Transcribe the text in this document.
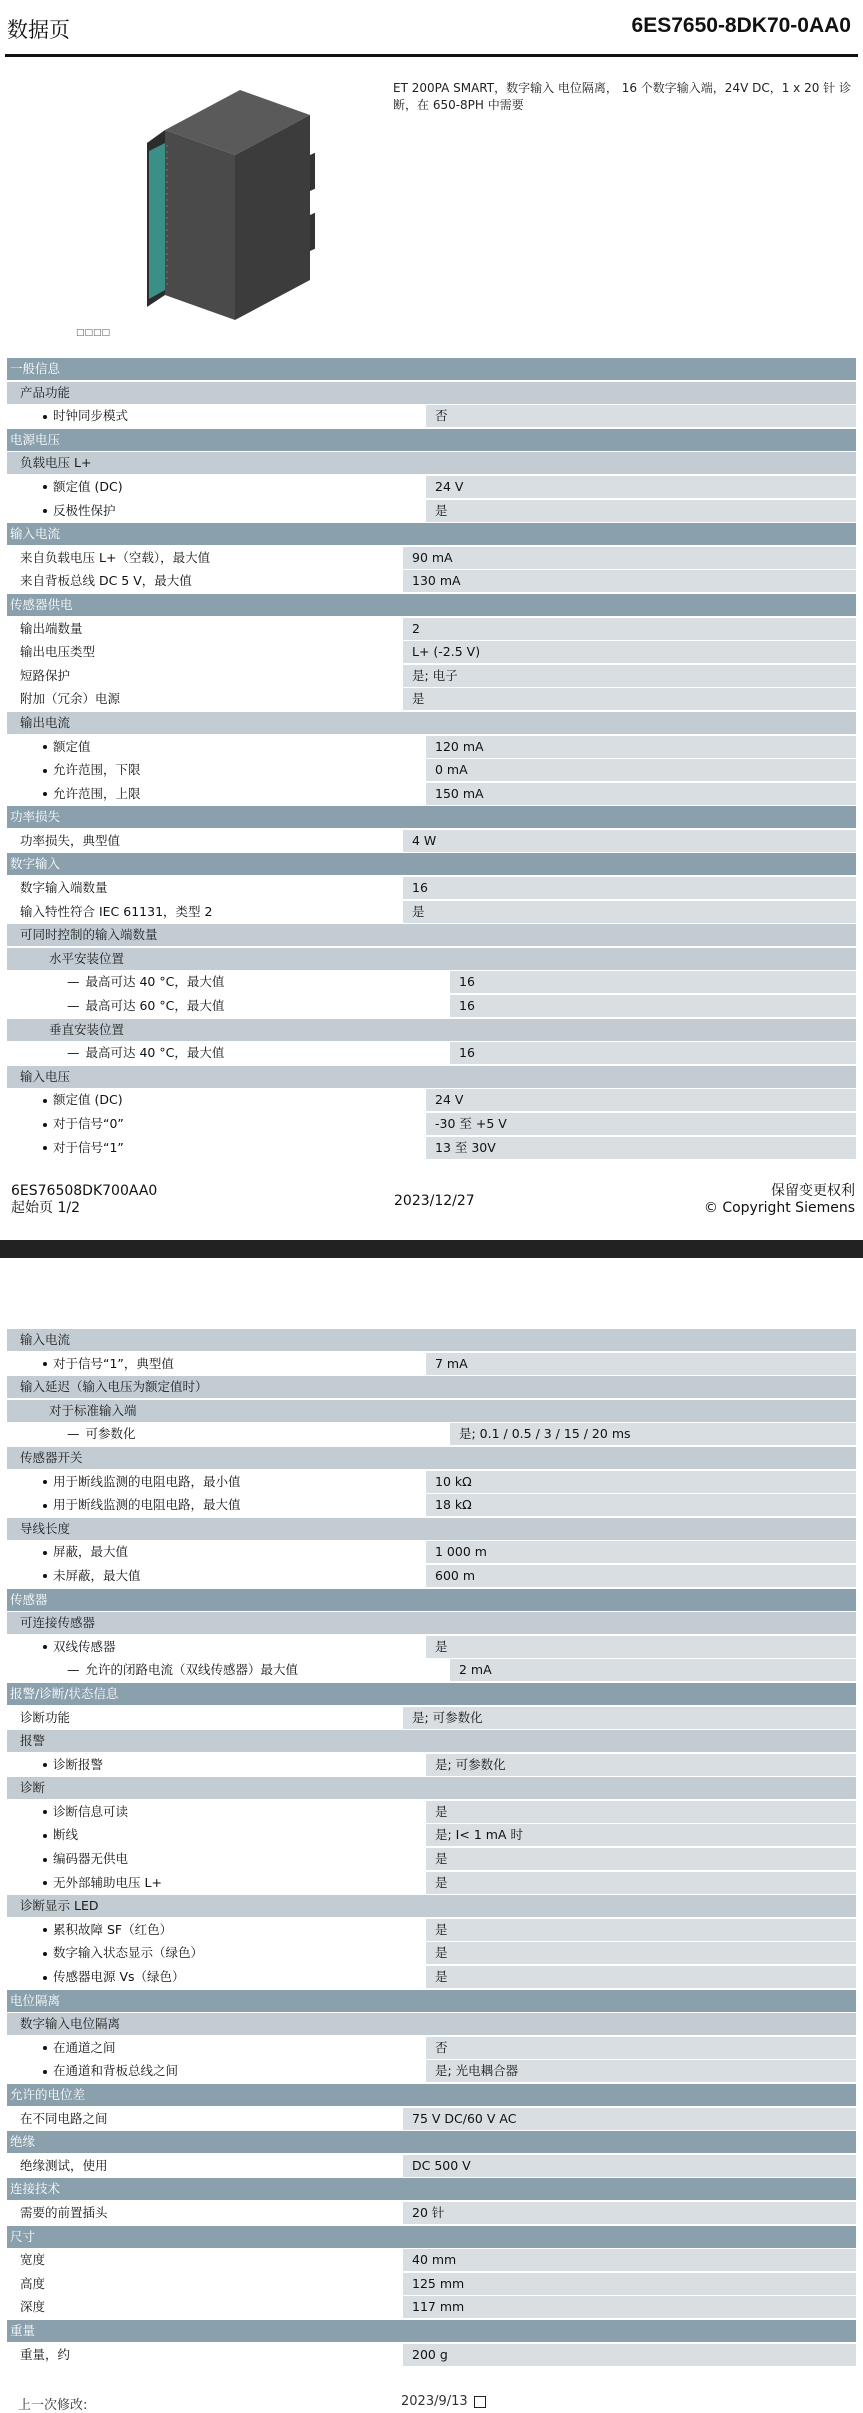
数据页	6ES7650-8DK70-0AA0
□□□□
ET 200PA SMART，数字输入 电位隔离， 16 个数字输入端，24V DC，1 x 20 针 诊断，在 650-8PH 中需要
一般信息
产品功能
时钟同步模式	否
电源电压
负载电压 L+
额定值 (DC)	24 V
反极性保护	是
输入电流
来自负载电压 L+（空载），最大值	90 mA
来自背板总线 DC 5 V，最大值	130 mA
传感器供电
输出端数量	2
输出电压类型	L+ (-2.5 V)
短路保护	是; 电子
附加（冗余）电源	是
输出电流
额定值	120 mA
允许范围，下限	0 mA
允许范围，上限	150 mA
功率损失
功率损失，典型值	4 W
数字输入
数字输入端数量	16
输入特性符合 IEC 61131，类型 2	是
可同时控制的输入端数量
水平安装位置
— 最高可达 40 °C，最大值	16
— 最高可达 60 °C，最大值	16
垂直安装位置
— 最高可达 40 °C，最大值	16
输入电压
额定值 (DC)	24 V
对于信号“0”	-30 至 +5 V
对于信号“1”	13 至 30V
6ES76508DK700AA0
起始页 1/2	2023/12/27
保留变更权利
© Copyright Siemens
输入电流
对于信号“1”，典型值	7 mA
输入延迟（输入电压为额定值时）
对于标准输入端
— 可参数化	是; 0.1 / 0.5 / 3 / 15 / 20 ms
传感器开关
用于断线监测的电阻电路，最小值	10 kΩ
用于断线监测的电阻电路，最大值	18 kΩ
导线长度
屏蔽，最大值	1 000 m
未屏蔽，最大值	600 m
传感器
可连接传感器
双线传感器	是
— 允许的闭路电流（双线传感器）最大值	2 mA
报警/诊断/状态信息
诊断功能	是; 可参数化
报警
诊断报警	是; 可参数化
诊断
诊断信息可读	是
断线	是; I< 1 mA 时
编码器无供电	是
无外部辅助电压 L+	是
诊断显示 LED
累积故障 SF（红色）	是
数字输入状态显示（绿色）	是
传感器电源 Vs（绿色）	是
电位隔离
数字输入电位隔离
在通道之间	否
在通道和背板总线之间	是; 光电耦合器
允许的电位差
在不同电路之间	75 V DC/60 V AC
绝缘
绝缘测试，使用	DC 500 V
连接技术
需要的前置插头	20 针
尺寸
宽度	40 mm
高度	125 mm
深度	117 mm
重量
重量，约	200 g
上一次修改:	2023/9/13
